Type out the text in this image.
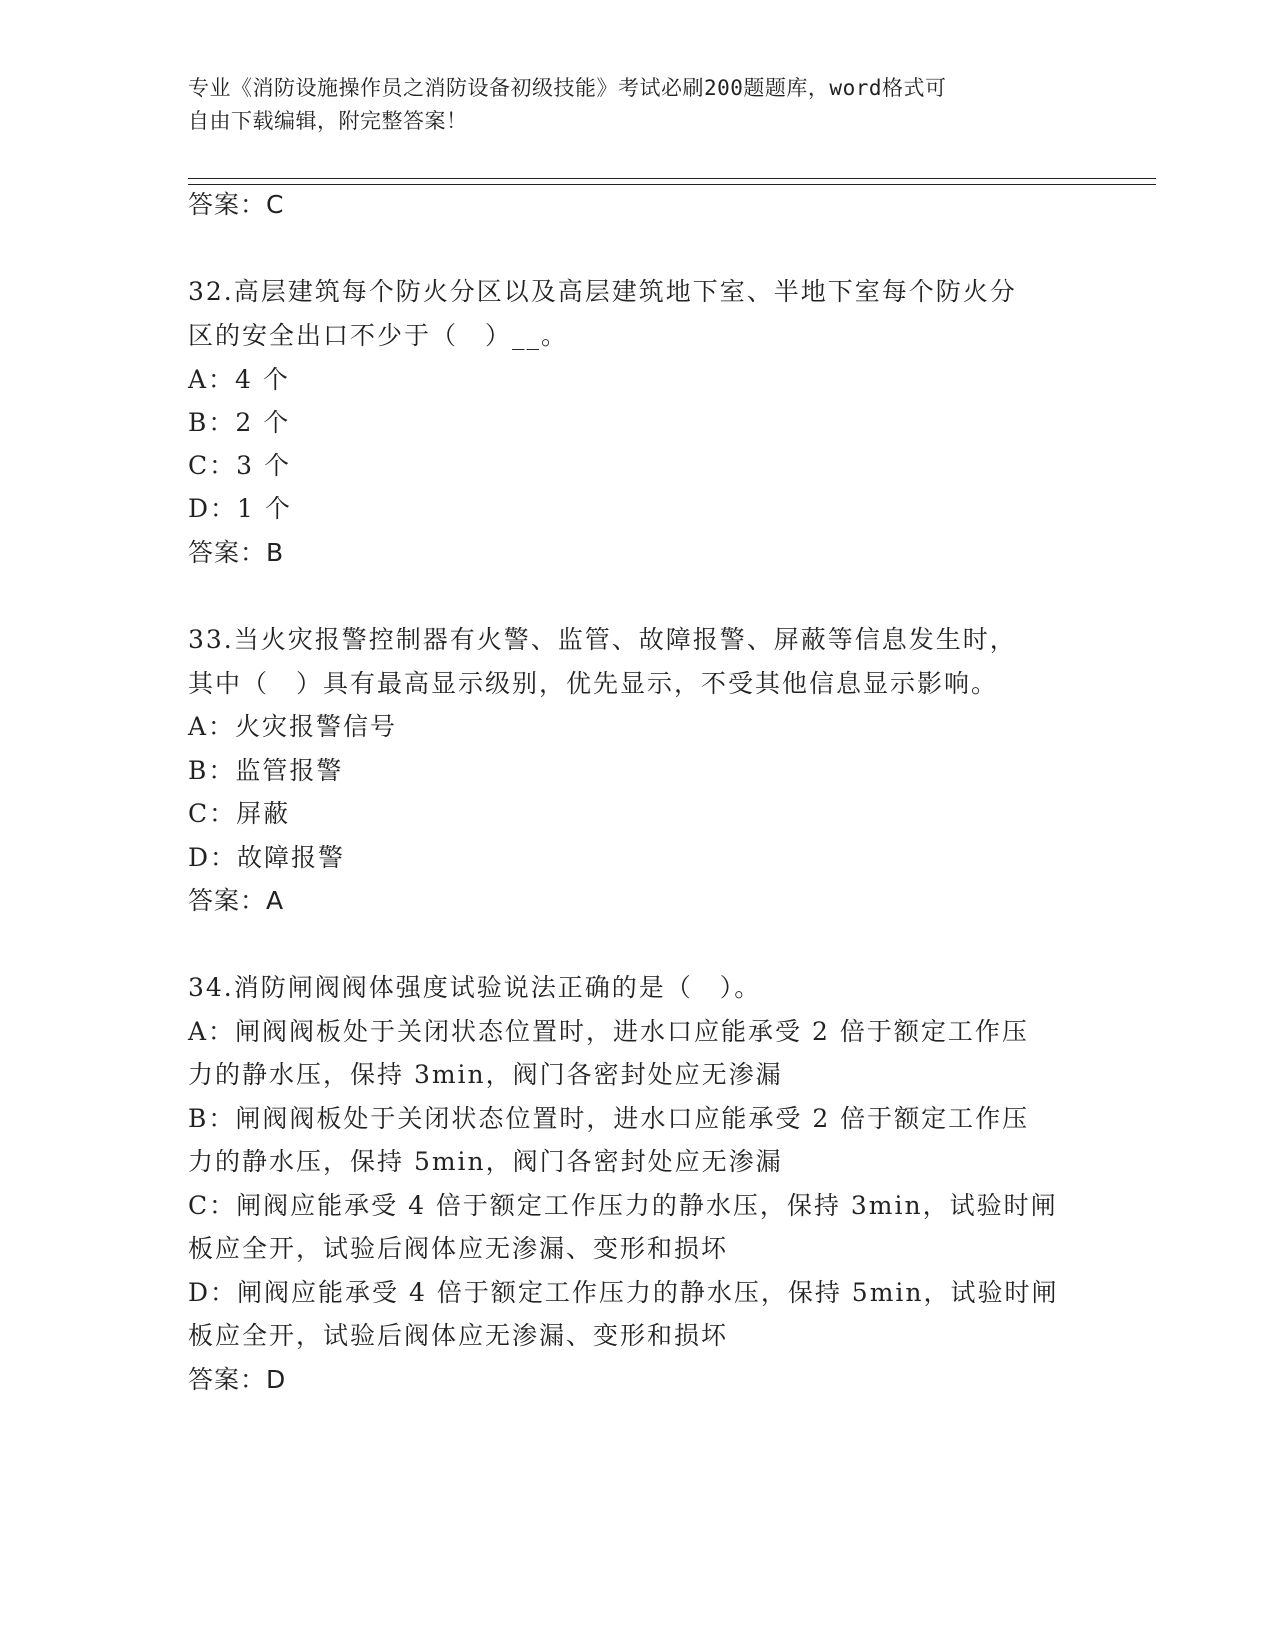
专业《消防设施操作员之消防设备初级技能》考试必刷200题题库，word格式可
自由下载编辑，附完整答案！
答案：C
32.高层建筑每个防火分区以及高层建筑地下室、半地下室每个防火分
区的安全出口不少于（　）__。
A：4 个
B：2 个
C：3 个
D：1 个
答案：B
33.当火灾报警控制器有火警、监管、故障报警、屏蔽等信息发生时，
其中（　）具有最高显示级别，优先显示，不受其他信息显示影响。
A：火灾报警信号
B：监管报警
C：屏蔽
D：故障报警
答案：A
34.消防闸阀阀体强度试验说法正确的是（　）。
A：闸阀阀板处于关闭状态位置时，进水口应能承受 2 倍于额定工作压
力的静水压，保持 3min，阀门各密封处应无渗漏
B：闸阀阀板处于关闭状态位置时，进水口应能承受 2 倍于额定工作压
力的静水压，保持 5min，阀门各密封处应无渗漏
C：闸阀应能承受 4 倍于额定工作压力的静水压，保持 3min，试验时闸
板应全开，试验后阀体应无渗漏、变形和损坏
D：闸阀应能承受 4 倍于额定工作压力的静水压，保持 5min，试验时闸
板应全开，试验后阀体应无渗漏、变形和损坏
答案：D
